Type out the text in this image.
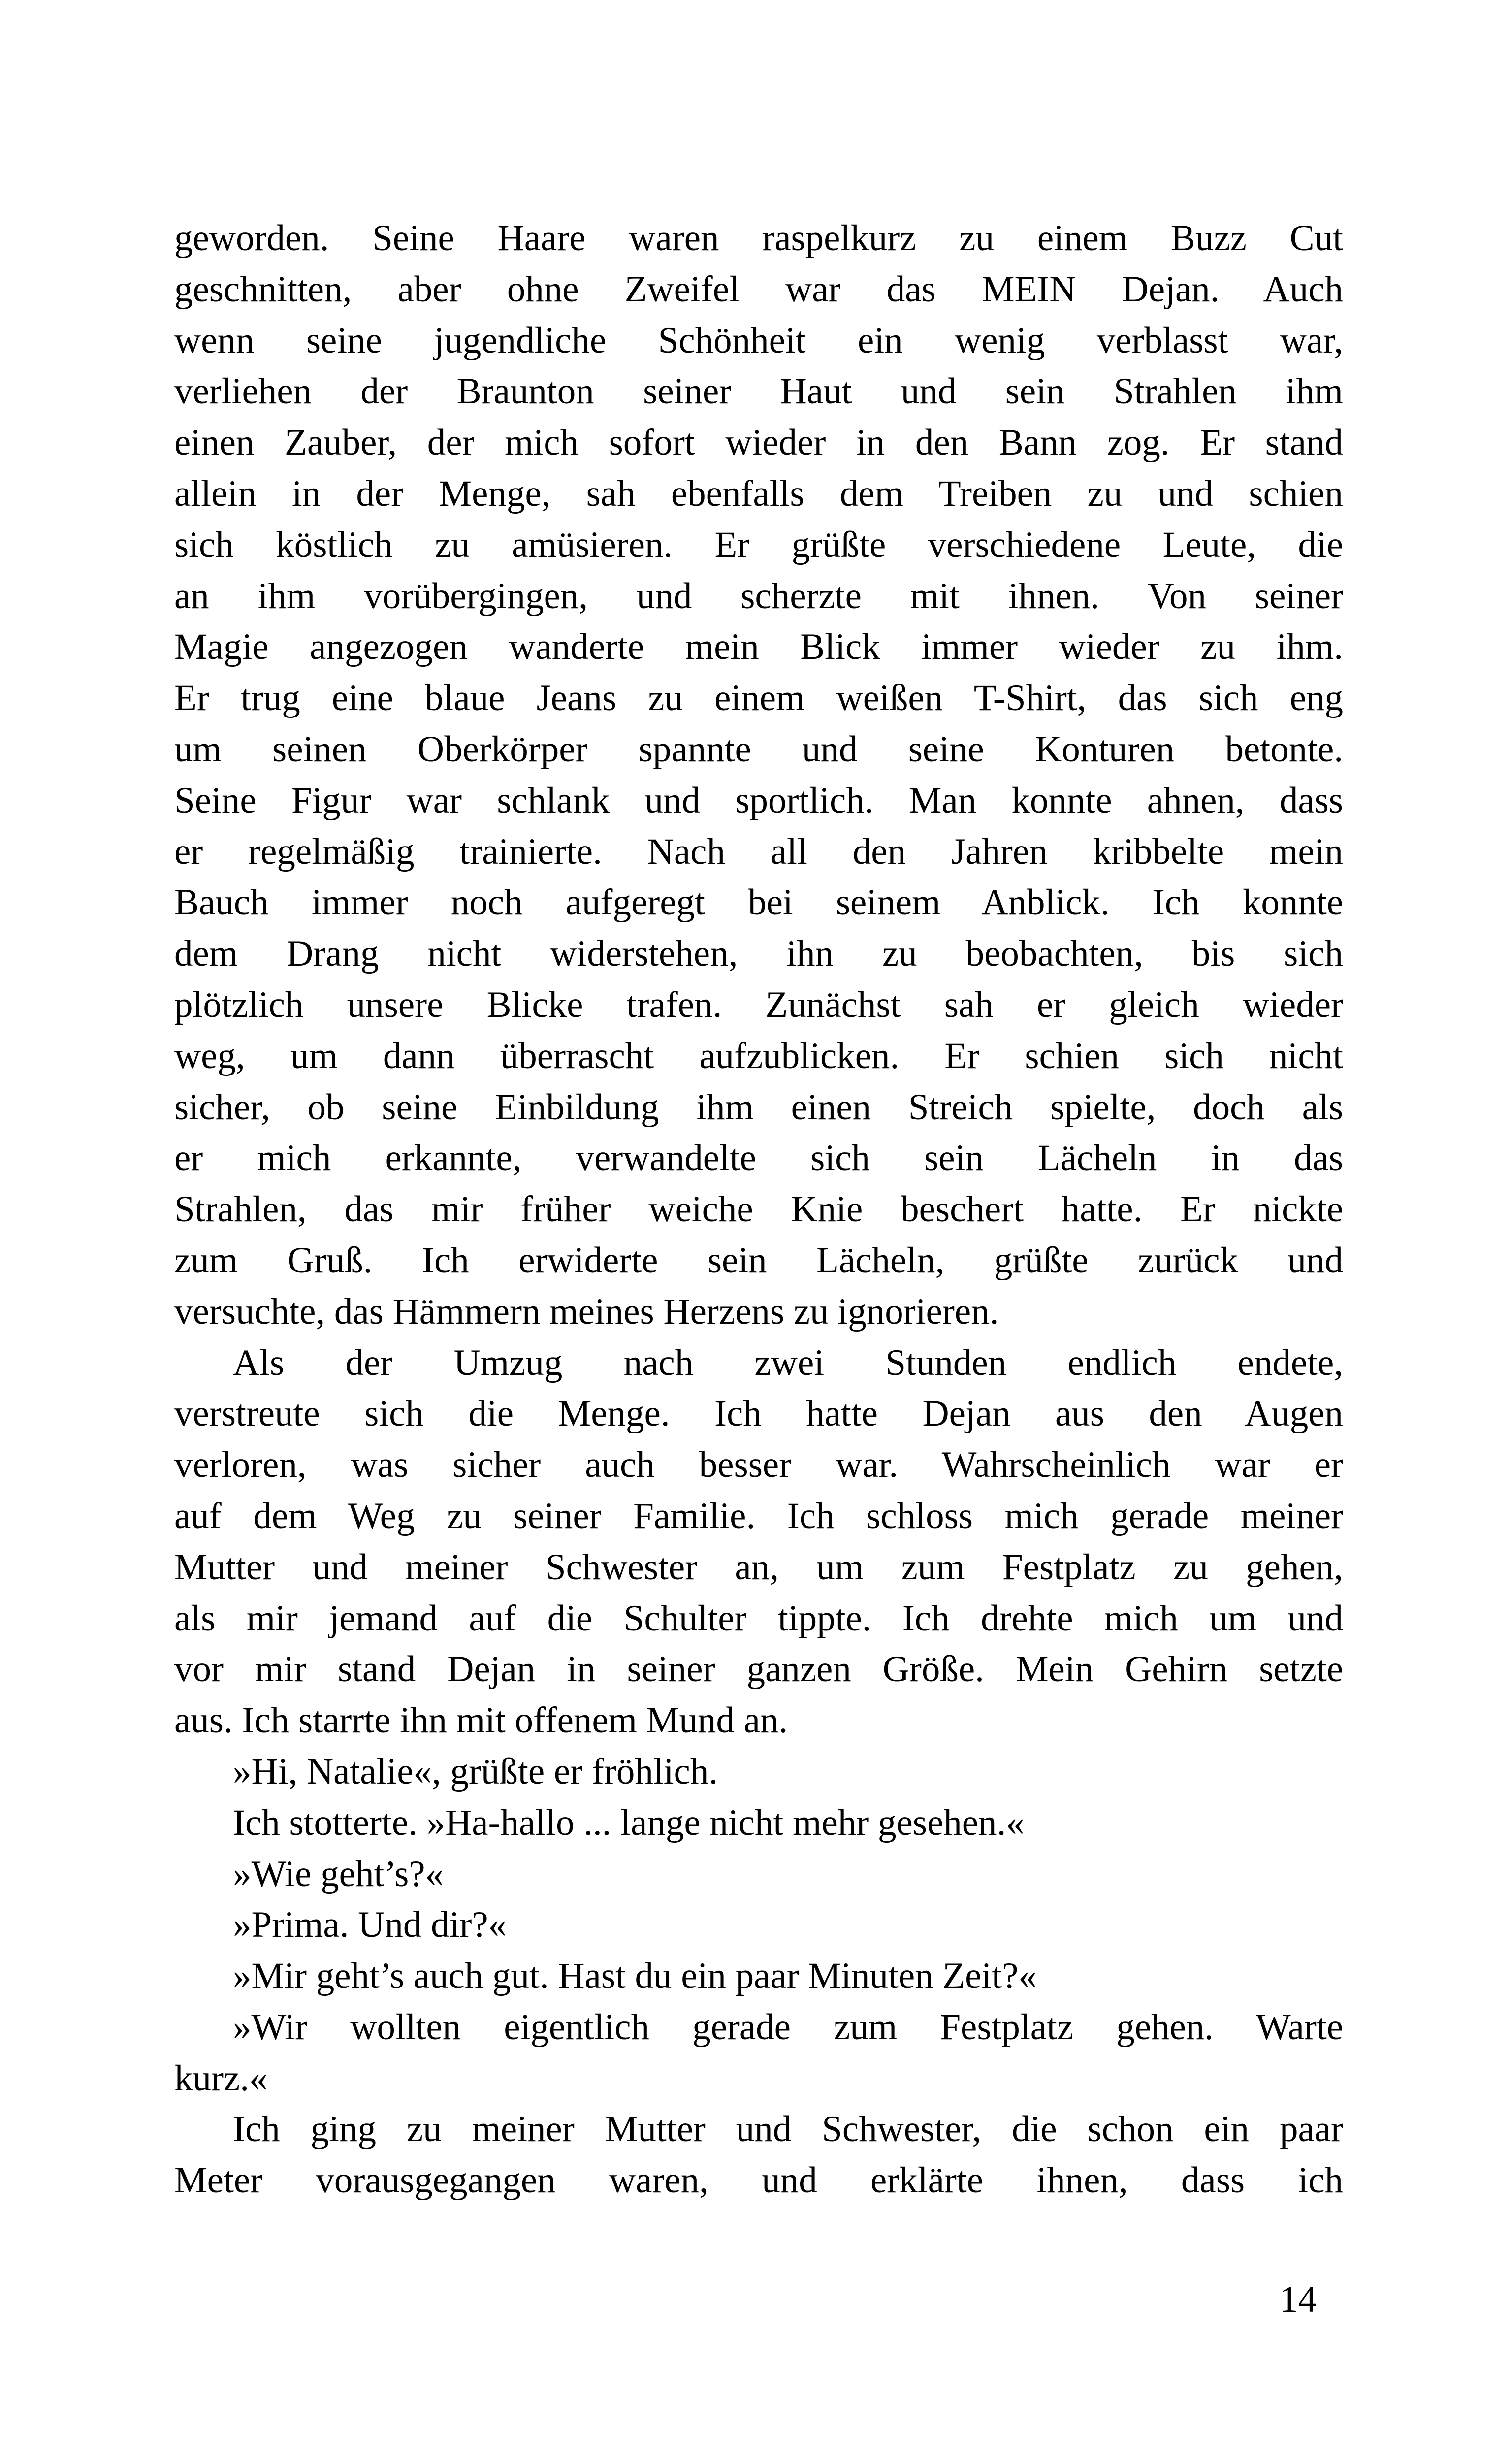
geworden. Seine Haare waren raspelkurz zu einem Buzz Cut
geschnitten, aber ohne Zweifel war das MEIN Dejan. Auch
wenn seine jugendliche Schönheit ein wenig verblasst war,
verliehen der Braunton seiner Haut und sein Strahlen ihm
einen Zauber, der mich sofort wieder in den Bann zog. Er stand
allein in der Menge, sah ebenfalls dem Treiben zu und schien
sich köstlich zu amüsieren. Er grüßte verschiedene Leute, die
an ihm vorübergingen, und scherzte mit ihnen. Von seiner
Magie angezogen wanderte mein Blick immer wieder zu ihm.
Er trug eine blaue Jeans zu einem weißen T-Shirt, das sich eng
um seinen Oberkörper spannte und seine Konturen betonte.
Seine Figur war schlank und sportlich. Man konnte ahnen, dass
er regelmäßig trainierte. Nach all den Jahren kribbelte mein
Bauch immer noch aufgeregt bei seinem Anblick. Ich konnte
dem Drang nicht widerstehen, ihn zu beobachten, bis sich
plötzlich unsere Blicke trafen. Zunächst sah er gleich wieder
weg, um dann überrascht aufzublicken. Er schien sich nicht
sicher, ob seine Einbildung ihm einen Streich spielte, doch als
er mich erkannte, verwandelte sich sein Lächeln in das
Strahlen, das mir früher weiche Knie beschert hatte. Er nickte
zum Gruß. Ich erwiderte sein Lächeln, grüßte zurück und
versuchte, das Hämmern meines Herzens zu ignorieren.
Als der Umzug nach zwei Stunden endlich endete,
verstreute sich die Menge. Ich hatte Dejan aus den Augen
verloren, was sicher auch besser war. Wahrscheinlich war er
auf dem Weg zu seiner Familie. Ich schloss mich gerade meiner
Mutter und meiner Schwester an, um zum Festplatz zu gehen,
als mir jemand auf die Schulter tippte. Ich drehte mich um und
vor mir stand Dejan in seiner ganzen Größe. Mein Gehirn setzte
aus. Ich starrte ihn mit offenem Mund an.
»Hi, Natalie«, grüßte er fröhlich.
Ich stotterte. »Ha-hallo ... lange nicht mehr gesehen.«
»Wie geht’s?«
»Prima. Und dir?«
»Mir geht’s auch gut. Hast du ein paar Minuten Zeit?«
»Wir wollten eigentlich gerade zum Festplatz gehen. Warte
kurz.«
Ich ging zu meiner Mutter und Schwester, die schon ein paar
Meter vorausgegangen waren, und erklärte ihnen, dass ich
14
